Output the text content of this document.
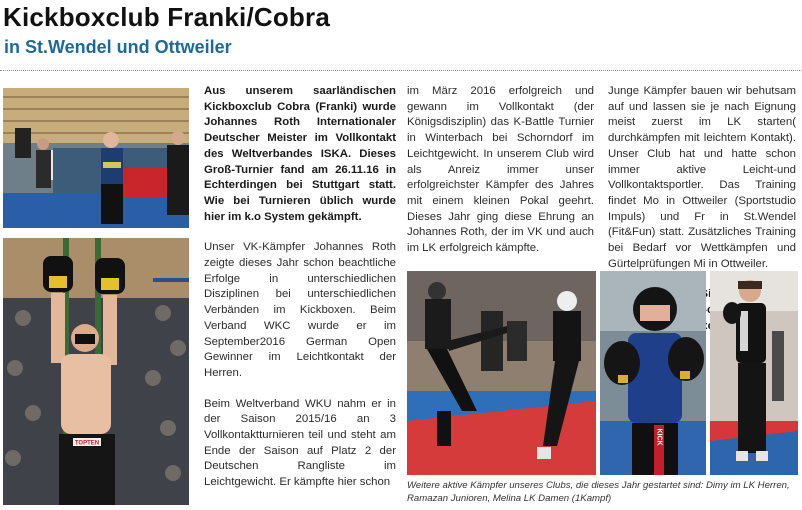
Kickboxclub Franki/Cobra
in St.Wendel und Ottweiler
TOPTEN

Aus unserem saarländischen Kickboxclub Cobra (Franki) wurde Johannes Roth Internationaler Deutscher Meister im Vollkontakt des Weltverbandes ISKA. Dieses Groß-Turnier fand am 26.11.16 in Echterdingen bei Stuttgart statt. Wie bei Turnieren üblich wurde hier im k.o System gekämpft.

Unser VK-Kämpfer Johannes Roth zeigte dieses Jahr schon beachtliche Erfolge in unterschiedlichen Disziplinen bei unterschiedlichen Verbänden im Kickboxen. Beim Verband WKC wurde er im September2016 German Open Gewinner im Leichtkontakt der Herren.

Beim Weltverband WKU nahm er in der Saison 2015/16 an 3 Vollkontaktturnieren teil und steht am Ende der Saison auf Platz 2 der Deutschen Rangliste im Leichtgewicht. Er kämpfte hier schon

im März 2016 erfolgreich und gewann im Vollkontakt (der Königsdisziplin) das K-Battle Turnier in Winterbach bei Schorndorf im Leichtgewicht. In unserem Club wird als Anreiz immer unser erfolgreichster Kämpfer des Jahres mit einem kleinen Pokal geehrt. Dieses Jahr ging diese Ehrung an Johannes Roth, der im VK und auch im LK erfolgreich kämpfte.

Junge Kämpfer bauen wir behutsam auf und lassen sie je nach Eignung meist zuerst im LK starten( durchkämpfen mit leichtem Kontakt). Unser Club hat und hatte schon immer aktive Leicht-und Vollkontaktsportler. Das Training findet Mo in Ottweiler (Sportstudio Impuls) und Fr in St.Wendel (Fit&Fun) statt. Zusätzliches Training bei Bedarf vor Wettkämpfen und Gürtelprüfungen Mi in Ottweiler.

www.kickboxclub-franki.de

KICK
Weitere aktive Kämpfer unseres Clubs, die dieses Jahr gestartet sind: Dimy im LK Herren, Ramazan Junioren, Melina LK Damen (1Kampf)
